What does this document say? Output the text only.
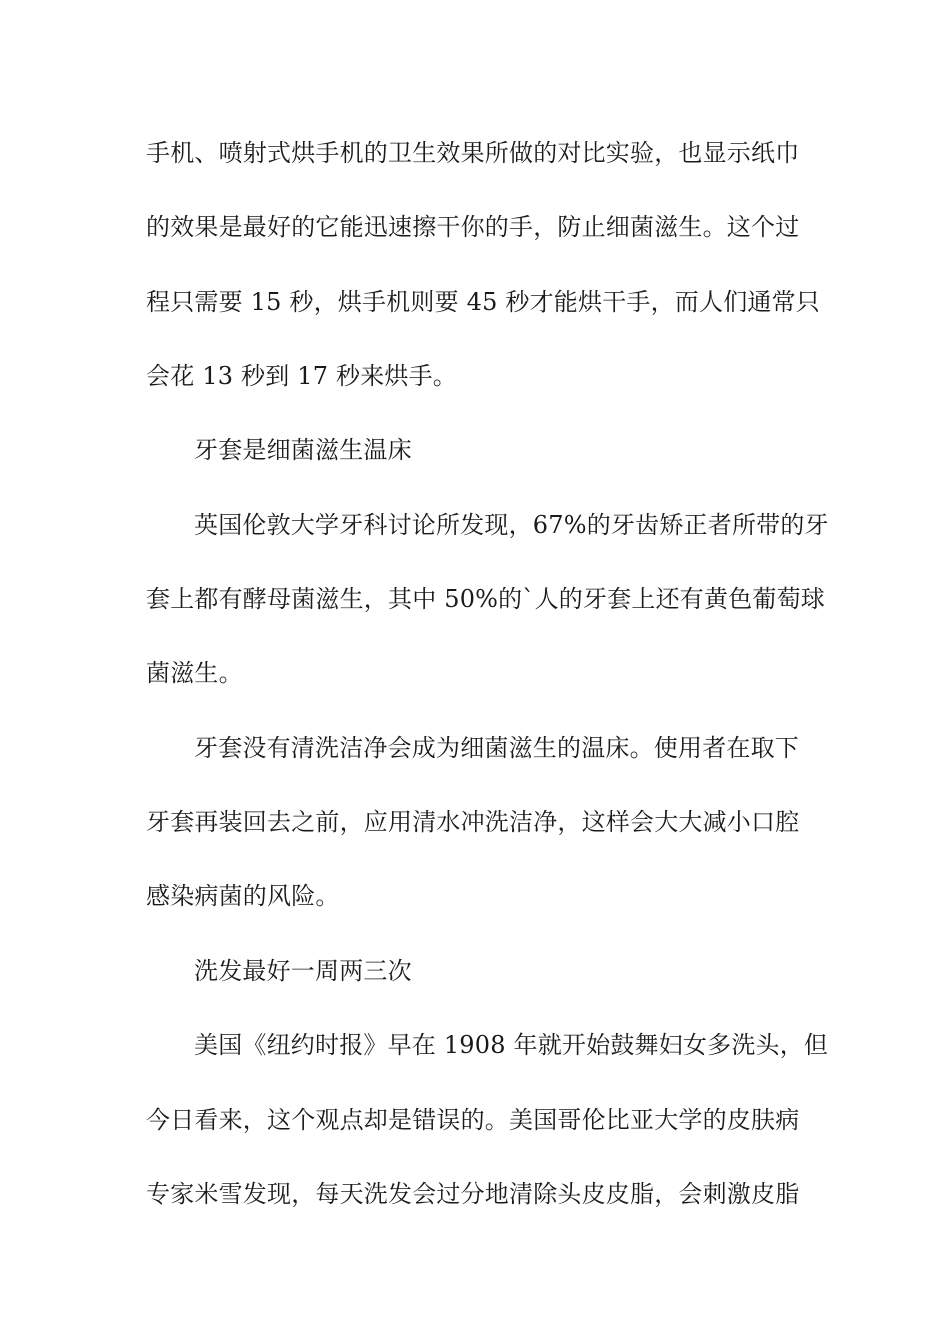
手机、喷射式烘手机的卫生效果所做的对比实验，也显示纸巾
的效果是最好的它能迅速擦干你的手，防止细菌滋生。这个过
程只需要 15 秒，烘手机则要 45 秒才能烘干手，而人们通常只
会花 13 秒到 17 秒来烘手。
牙套是细菌滋生温床
英国伦敦大学牙科讨论所发现，67%的牙齿矫正者所带的牙
套上都有酵母菌滋生，其中 50%的`人的牙套上还有黄色葡萄球
菌滋生。
牙套没有清洗洁净会成为细菌滋生的温床。使用者在取下
牙套再装回去之前，应用清水冲洗洁净，这样会大大减小口腔
感染病菌的风险。
洗发最好一周两三次
美国《纽约时报》早在 1908 年就开始鼓舞妇女多洗头，但
今日看来，这个观点却是错误的。美国哥伦比亚大学的皮肤病
专家米雪发现，每天洗发会过分地清除头皮皮脂，会刺激皮脂
